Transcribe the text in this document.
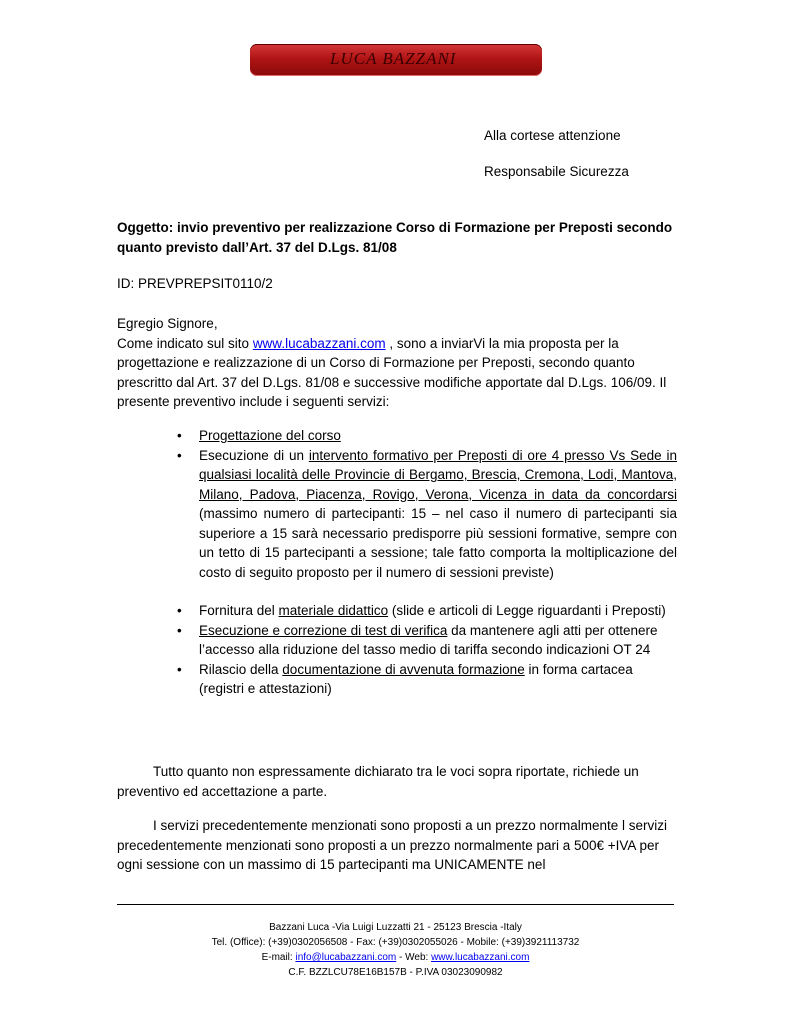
LUCA BAZZANI
Alla cortese attenzione
Responsabile Sicurezza
Oggetto: invio preventivo per realizzazione Corso di Formazione per Preposti secondo quanto previsto dall’Art. 37 del D.Lgs. 81/08
ID: PREVPREPSIT0110/2
Egregio Signore,
Come indicato sul sito www.lucabazzani.com , sono a inviarVi la mia proposta per la progettazione e realizzazione di un Corso di Formazione per Preposti, secondo quanto prescritto dal Art. 37 del D.Lgs. 81/08 e successive modifiche apportate dal D.Lgs. 106/09. Il presente preventivo include i seguenti servizi:

• Progettazione del corso

• Esecuzione di un intervento formativo per Preposti di ore 4 presso Vs Sede in qualsiasi località delle Provincie di Bergamo, Brescia, Cremona, Lodi, Mantova, Milano, Padova, Piacenza, Rovigo, Verona, Vicenza in data da concordarsi (massimo numero di partecipanti: 15 – nel caso il numero di partecipanti sia superiore a 15 sarà necessario predisporre più sessioni formative, sempre con un tetto di 15 partecipanti a sessione; tale fatto comporta la moltiplicazione del costo di seguito proposto per il numero di sessioni previste)

• Fornitura del materiale didattico (slide e articoli di Legge riguardanti i Preposti)

• Esecuzione e correzione di test di verifica da mantenere agli atti per ottenere l’accesso alla riduzione del tasso medio di tariffa secondo indicazioni OT 24

• Rilascio della documentazione di avvenuta formazione in forma cartacea (registri e attestazioni)

Tutto quanto non espressamente dichiarato tra le voci sopra riportate, richiede un preventivo ed accettazione a parte.
I servizi precedentemente menzionati sono proposti a un prezzo normalmente l servizi precedentemente menzionati sono proposti a un prezzo normalmente pari a 500€ +IVA per ogni sessione con un massimo di 15 partecipanti ma UNICAMENTE nel
Bazzani Luca -Via Luigi Luzzatti 21 - 25123 Brescia -Italy
Tel. (Office): (+39)0302056508 - Fax: (+39)0302055026 - Mobile: (+39)3921113732
E-mail: info@lucabazzani.com - Web: www.lucabazzani.com
C.F. BZZLCU78E16B157B - P.IVA 03023090982
